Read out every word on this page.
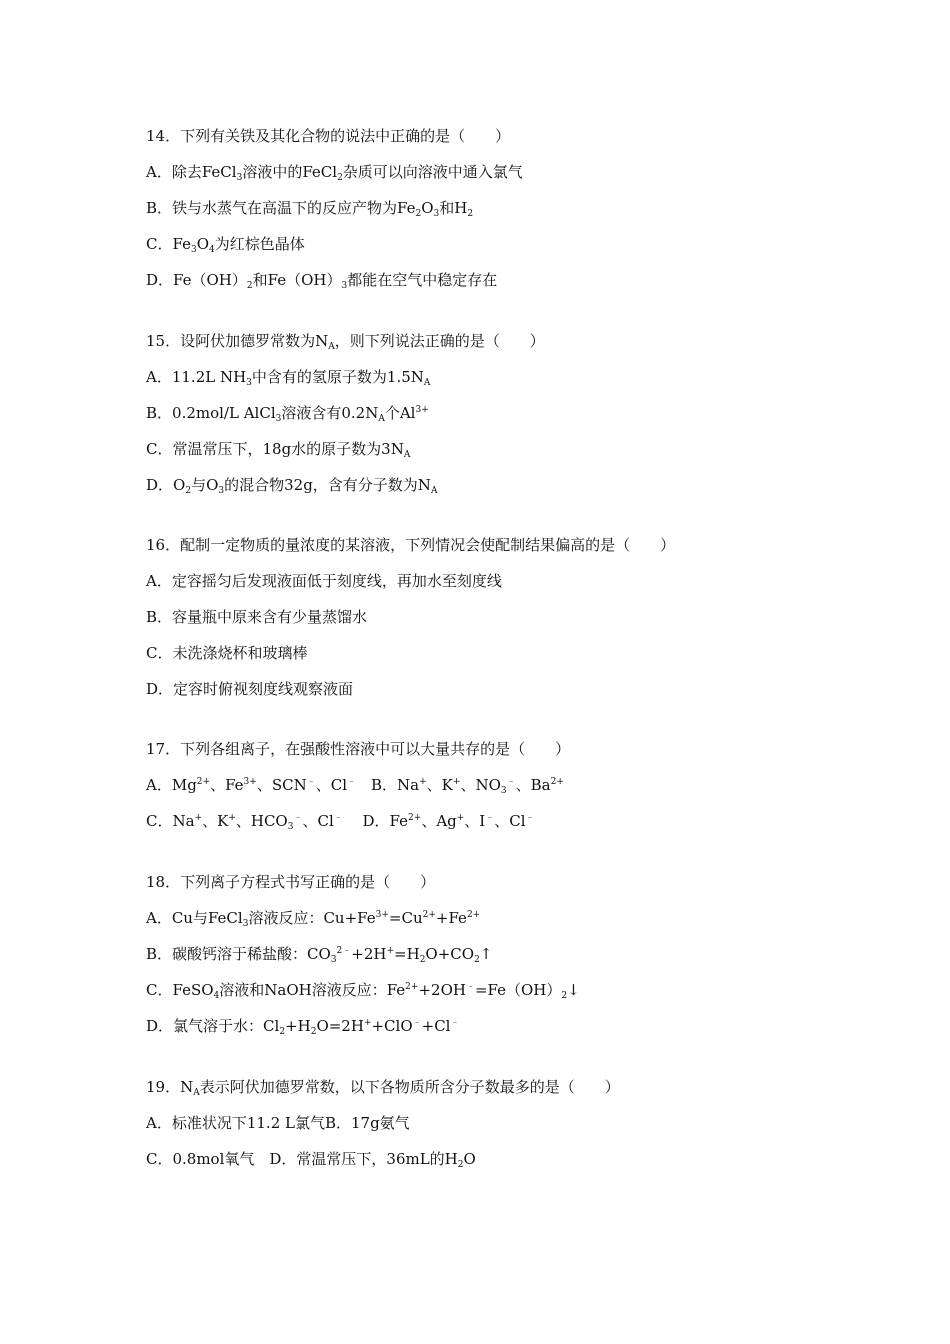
14．下列有关铁及其化合物的说法中正确的是（　　）
A．除去FeCl$_3$溶液中的FeCl$_2$杂质可以向溶液中通入氯气
B．铁与水蒸气在高温下的反应产物为$Fe_2O_3$和$H_2$
C．$Fe_3O_4$为红棕色晶体
D．$Fe(OH)_2$和$Fe(OH)_3$都能在空气中稳定存在
15．设阿伏加德罗常数为$N_A$，则下列说法正确的是（　　）
A．11.2L $NH_3$中含有的氢原子数为$1.5N_A$
B．0.2mol/L AlCl$_3$溶液含有$0.2N_A$个$Al^{3+}$
C．常温常压下，18g水的原子数为$3N_A$
D．$O_2$与$O_3$的混合物32g，含有分子数为$N_A$
16．配制一定物质的量浓度的某溶液，下列情况会使配制结果偏高的是（　　）
A．定容摇匀后发现液面低于刻度线，再加水至刻度线
B．容量瓶中原来含有少量蒸馏水
C．未洗涤烧杯和玻璃棒
D．定容时俯视刻度线观察液面
17．下列各组离子，在强酸性溶液中可以大量共存的是（　　）
A．$Mg^{2+}$、$Fe^{3+}$、SCN﹣、Cl﹣　B．Na+、K+、$NO_3^﹣$、$Ba^{2+}$
C．Na+、K+、$HCO_3^﹣$、Cl﹣　 D．$Fe^{2+}$、Ag+、I﹣、Cl﹣
18．下列离子方程式书写正确的是（　　）
A．Cu与FeCl$_3$溶液反应：$Cu+Fe^{3+}=Cu^{2+}+Fe^{2+}$
B．碳酸钙溶于稀盐酸：$CO_3^{2﹣}+2H^+=H_2O+CO_2↑$
C．FeSO$_4$溶液和NaOH溶液反应：$Fe^{2+}+2OH^﹣=Fe(OH)_2↓$
D．氯气溶于水：$Cl_2+H_2O=2H^++ClO^﹣+Cl^﹣$
19．$N_A$表示阿伏加德罗常数，以下各物质所含分子数最多的是（　　）
A．标准状况下11.2 L氯气B．17g氨气
C．0.8mol氧气　D．常温常压下，36mL的$H_2O$
